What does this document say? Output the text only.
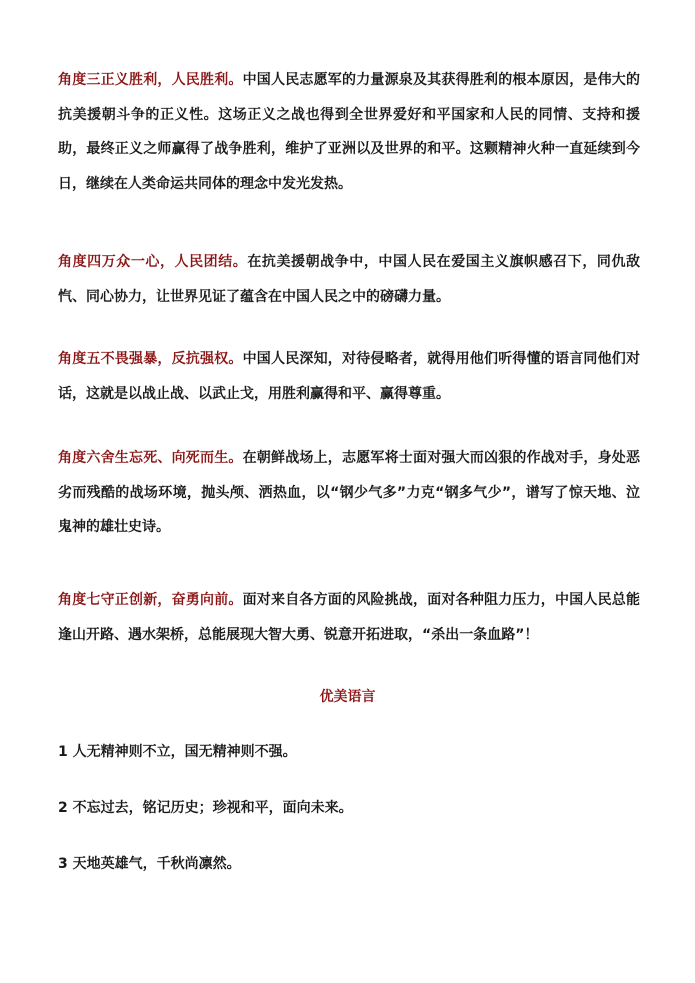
角度三正义胜利，人民胜利。中国人民志愿军的力量源泉及其获得胜利的根本原因，是伟大的抗美援朝斗争的正义性。这场正义之战也得到全世界爱好和平国家和人民的同情、支持和援助，最终正义之师赢得了战争胜利，维护了亚洲以及世界的和平。这颗精神火种一直延续到今日，继续在人类命运共同体的理念中发光发热。

角度四万众一心，人民团结。在抗美援朝战争中，中国人民在爱国主义旗帜感召下，同仇敌忾、同心协力，让世界见证了蕴含在中国人民之中的磅礴力量。

角度五不畏强暴，反抗强权。中国人民深知，对待侵略者，就得用他们听得懂的语言同他们对话，这就是以战止战、以武止戈，用胜利赢得和平、赢得尊重。

角度六舍生忘死、向死而生。在朝鲜战场上，志愿军将士面对强大而凶狠的作战对手，身处恶劣而残酷的战场环境，抛头颅、洒热血，以“钢少气多”力克“钢多气少”，谱写了惊天地、泣鬼神的雄壮史诗。

角度七守正创新，奋勇向前。面对来自各方面的风险挑战，面对各种阻力压力，中国人民总能逢山开路、遇水架桥，总能展现大智大勇、锐意开拓进取，“杀出一条血路”！

优美语言

1 人无精神则不立，国无精神则不强。

2 不忘过去，铭记历史；珍视和平，面向未来。

3 天地英雄气，千秋尚凛然。
